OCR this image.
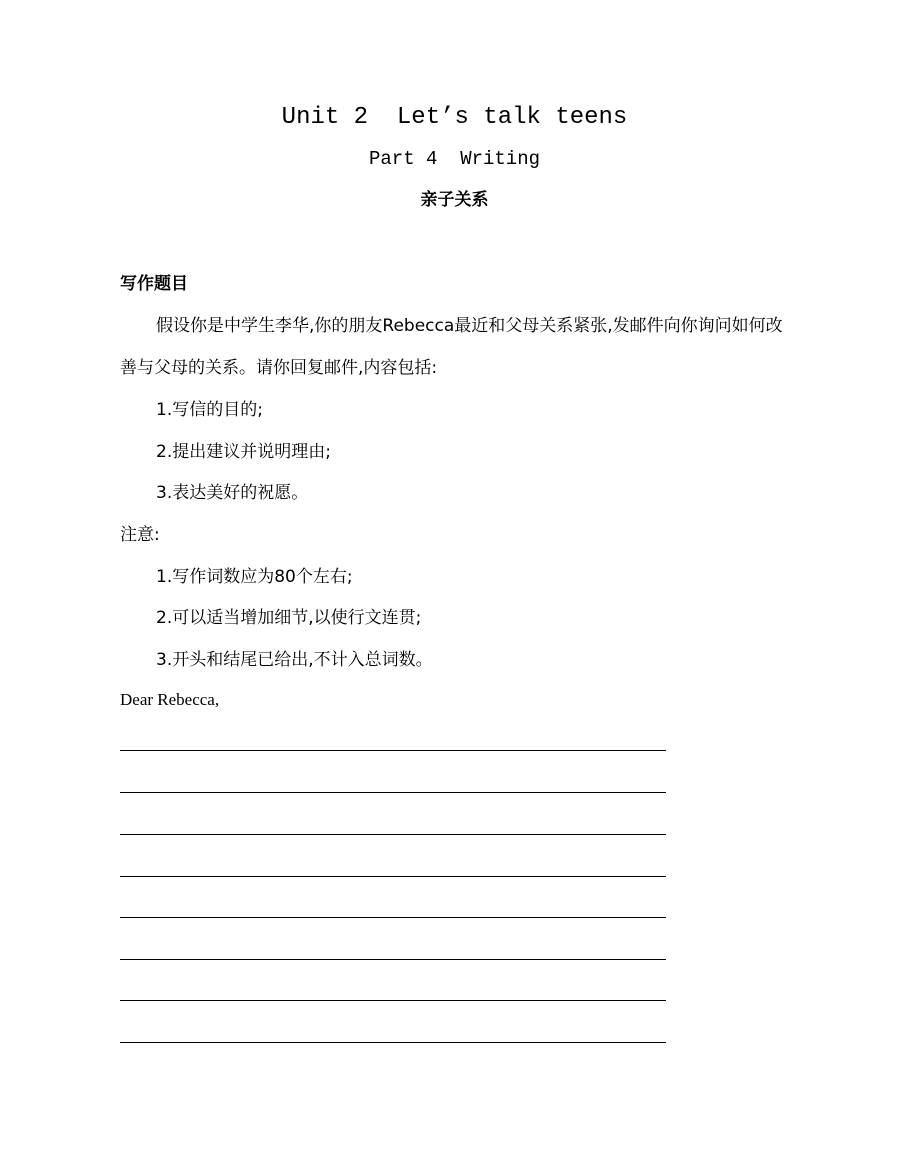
Unit 2  Let’s talk teens
Part 4  Writing
亲子关系
写作题目
假设你是中学生李华,你的朋友Rebecca最近和父母关系紧张,发邮件向你询问如何改善与父母的关系。请你回复邮件,内容包括:
1.写信的目的;
2.提出建议并说明理由;
3.表达美好的祝愿。
注意:
1.写作词数应为80个左右;
2.可以适当增加细节,以使行文连贯;
3.开头和结尾已给出,不计入总词数。
Dear Rebecca,
